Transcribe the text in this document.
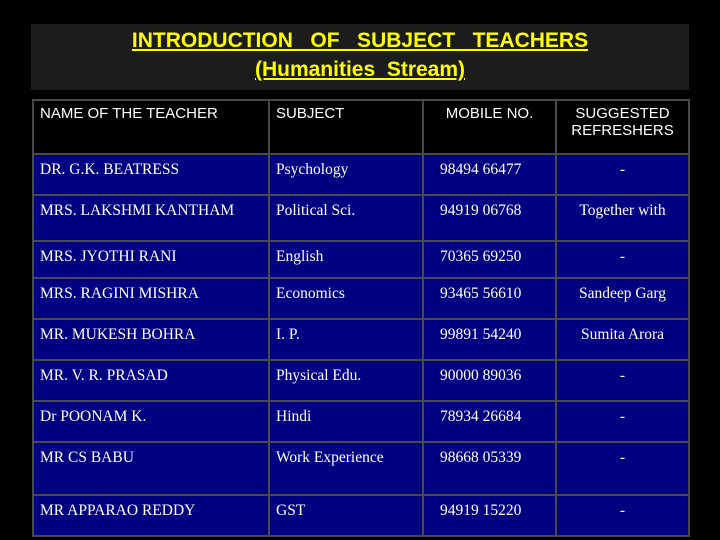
INTRODUCTION   OF   SUBJECT   TEACHERS
(Humanities  Stream)
NAME OF THE TEACHER	SUBJECT	MOBILE NO.	SUGGESTED REFRESHERS
DR. G.K. BEATRESS	Psychology	98494 66477	-
MRS. LAKSHMI KANTHAM	Political Sci.	94919 06768	Together with
MRS. JYOTHI RANI	English	70365 69250	-
MRS. RAGINI MISHRA	Economics	93465 56610	Sandeep Garg
MR. MUKESH BOHRA	I. P.	99891 54240	Sumita Arora
MR. V. R. PRASAD	Physical Edu.	90000 89036	-
Dr POONAM K.	Hindi	78934 26684	-
MR CS BABU	Work Experience	98668 05339	-
MR APPARAO REDDY	GST	94919 15220	-
